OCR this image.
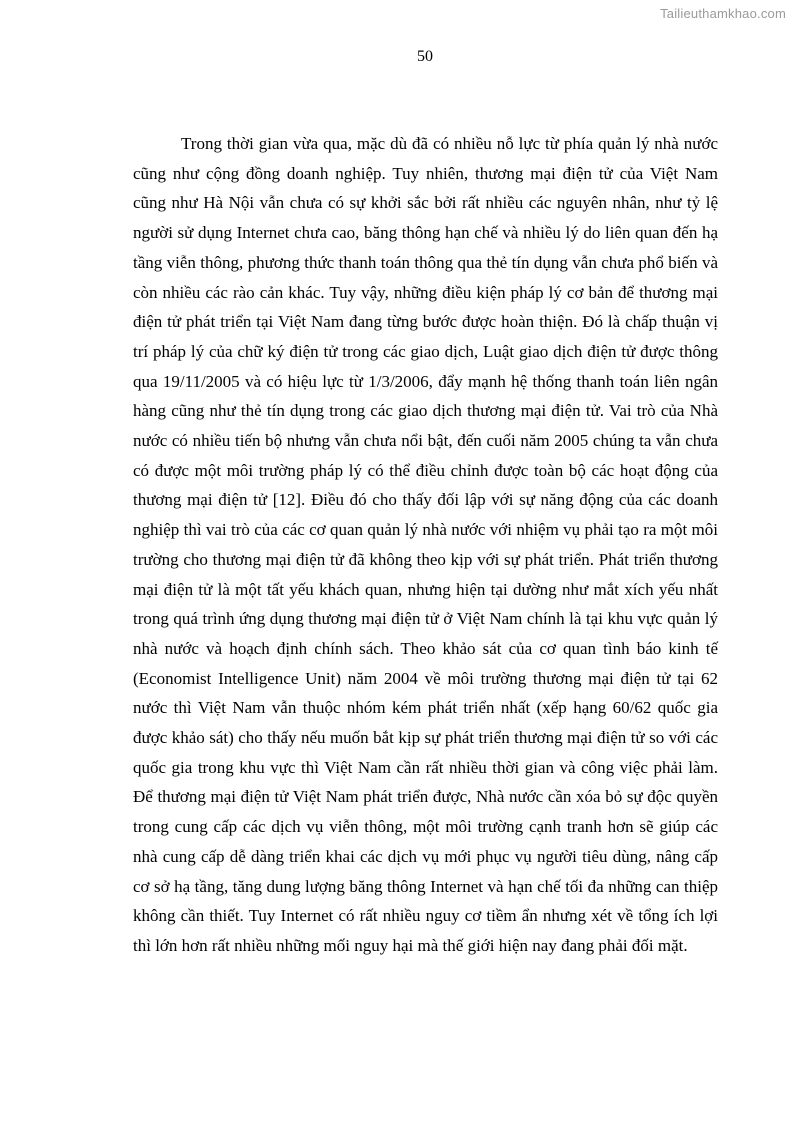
Tailieuthamkhao.com
50

Trong thời gian vừa qua, mặc dù đã có nhiều nỗ lực từ phía quản lý nhà nước cũng như cộng đồng doanh nghiệp. Tuy nhiên, thương mại điện tử của Việt Nam cũng như Hà Nội vẫn chưa có sự khởi sắc bởi rất nhiều các nguyên nhân, như tỷ lệ người sử dụng Internet chưa cao, băng thông hạn chế và nhiều lý do liên quan đến hạ tầng viễn thông, phương thức thanh toán thông qua thẻ tín dụng vẫn chưa phổ biến và còn nhiều các rào cản khác. Tuy vậy, những điều kiện pháp lý cơ bản để thương mại điện tử phát triển tại Việt Nam đang từng bước được hoàn thiện. Đó là chấp thuận vị trí pháp lý của chữ ký điện tử trong các giao dịch, Luật giao dịch điện tử được thông qua 19/11/2005 và có hiệu lực từ 1/3/2006, đẩy mạnh hệ thống thanh toán liên ngân hàng cũng như thẻ tín dụng trong các giao dịch thương mại điện tử. Vai trò của Nhà nước có nhiều tiến bộ nhưng vẫn chưa nổi bật, đến cuối năm 2005 chúng ta vẫn chưa có được một môi trường pháp lý có thể điều chỉnh được toàn bộ các hoạt động của thương mại điện tử [12]. Điều đó cho thấy đối lập với sự năng động của các doanh nghiệp thì vai trò của các cơ quan quản lý nhà nước với nhiệm vụ phải tạo ra một môi trường cho thương mại điện tử đã không theo kịp với sự phát triển. Phát triển thương mại điện tử là một tất yếu khách quan, nhưng hiện tại dường như mắt xích yếu nhất trong quá trình ứng dụng thương mại điện tử ở Việt Nam chính là tại khu vực quản lý nhà nước và hoạch định chính sách. Theo khảo sát của cơ quan tình báo kinh tế (Economist Intelligence Unit) năm 2004 về môi trường thương mại điện tử tại 62 nước thì Việt Nam vẫn thuộc nhóm kém phát triển nhất (xếp hạng 60/62 quốc gia được khảo sát) cho thấy nếu muốn bắt kịp sự phát triển thương mại điện tử so với các quốc gia trong khu vực thì Việt Nam cần rất nhiều thời gian và công việc phải làm. Để thương mại điện tử Việt Nam phát triển được, Nhà nước cần xóa bỏ sự độc quyền trong cung cấp các dịch vụ viễn thông, một môi trường cạnh tranh hơn sẽ giúp các nhà cung cấp dễ dàng triển khai các dịch vụ mới phục vụ người tiêu dùng, nâng cấp cơ sở hạ tầng, tăng dung lượng băng thông Internet và hạn chế tối đa những can thiệp không cần thiết. Tuy Internet có rất nhiều nguy cơ tiềm ẩn nhưng xét về tổng ích lợi thì lớn hơn rất nhiều những mối nguy hại mà thế giới hiện nay đang phải đối mặt.
